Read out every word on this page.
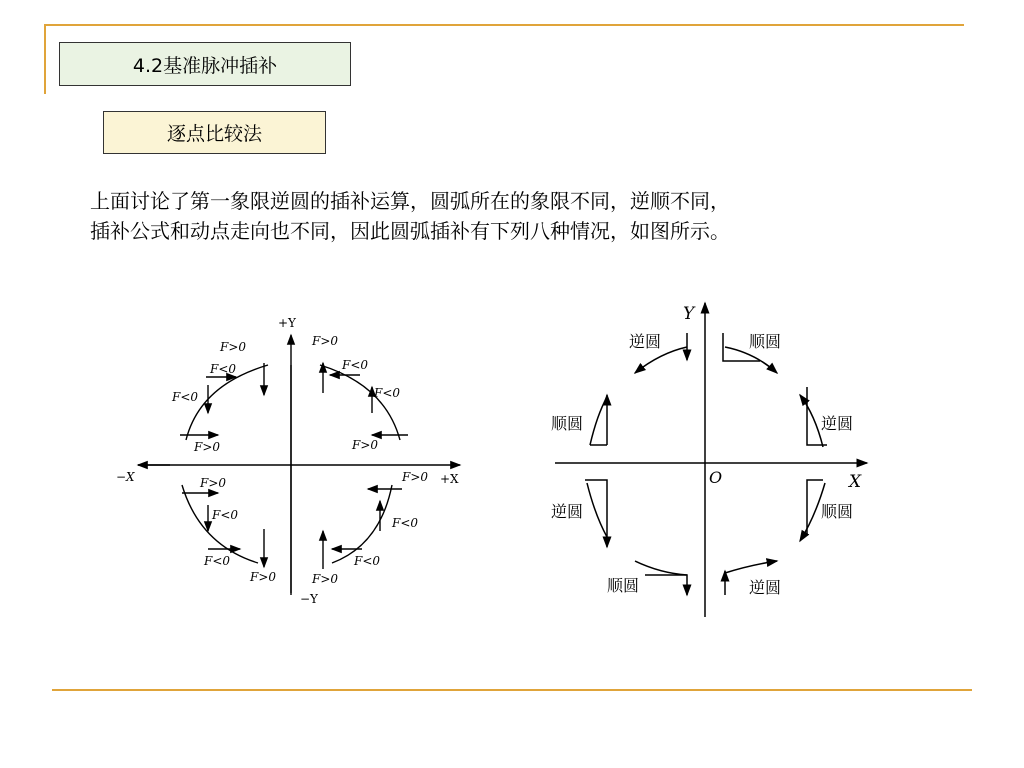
4.2基准脉冲插补
逐点比较法

上面讨论了第一象限逆圆的插补运算，圆弧所在的象限不同，逆顺不同，

插补公式和动点走向也不同，因此圆弧插补有下列八种情况，如图所示。

+X
−X
+Y
−Y
F>0	F>0
F<0	F<0
F<0	F<0
F>0	F>0
F>0	F>0
F<0
F<0
F<0	F<0
F>0	F>0
Y
X
O
逆圆	顺圆
顺圆	逆圆
逆圆	顺圆
顺圆	逆圆
